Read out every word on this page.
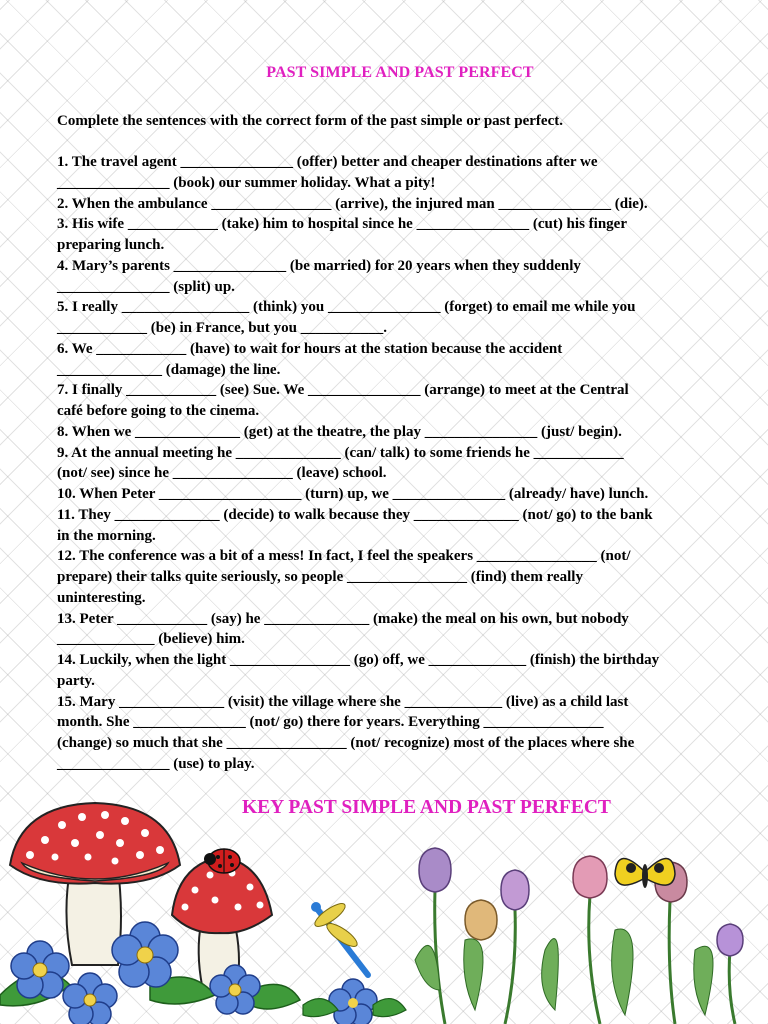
PAST SIMPLE AND PAST PERFECT
Complete the sentences with the correct form of the past simple or past perfect.
1. The travel agent _______________ (offer) better and cheaper destinations after we
_______________ (book) our summer holiday. What a pity!
2. When the ambulance ________________ (arrive), the injured man _______________ (die).
3. His wife ____________ (take) him to hospital since he _______________ (cut) his finger
preparing lunch.
4. Mary’s parents _______________ (be married) for 20 years when they suddenly
_______________ (split) up.
5. I really _________________ (think) you _______________ (forget) to email me while you
____________ (be) in France, but you ___________.
6. We ____________ (have) to wait for hours at the station because the accident
______________ (damage) the line.
7. I finally ____________ (see) Sue. We _______________ (arrange) to meet at the Central
café before going to the cinema.
8. When we ______________ (get) at the theatre, the play _______________ (just/ begin).
9. At the annual meeting he ______________ (can/ talk) to some friends he ____________
(not/ see) since he ________________ (leave) school.
10. When Peter ___________________ (turn) up, we _______________ (already/ have) lunch.
11. They ______________ (decide) to walk because they ______________ (not/ go) to the bank
in the morning.
12. The conference was a bit of a mess! In fact, I feel the speakers ________________ (not/
prepare) their talks quite seriously, so people ________________ (find) them really
uninteresting.
13. Peter ____________ (say) he ______________ (make) the meal on his own, but nobody
_____________ (believe) him.
14. Luckily, when the light ________________ (go) off, we _____________ (finish) the birthday
party.
15. Mary ______________ (visit) the village where she _____________ (live) as a child last
month. She _______________ (not/ go) there for years. Everything ________________
(change) so much that she ________________ (not/ recognize) most of the places where she
_______________ (use) to play.
KEY PAST SIMPLE AND PAST PERFECT
